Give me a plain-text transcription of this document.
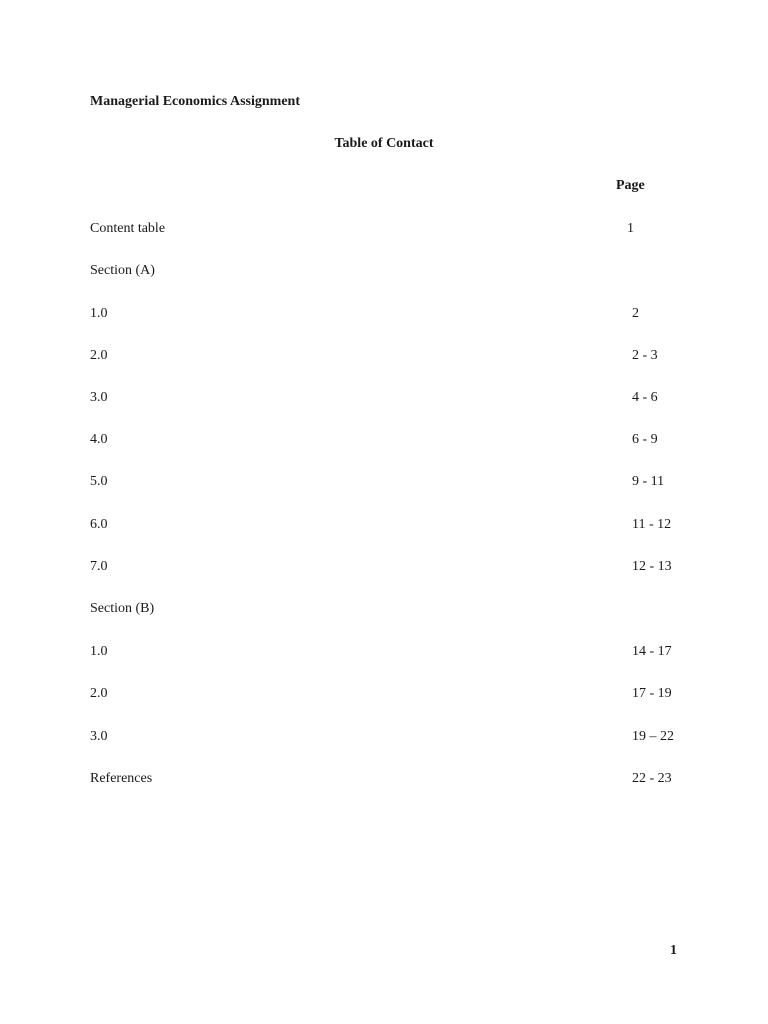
Managerial Economics Assignment
Table of Contact
Page
Content table	1
Section (A)
1.0	2
2.0	2 - 3
3.0	4 - 6
4.0	6 - 9
5.0	9 - 11
6.0	11 - 12
7.0	12 - 13
Section (B)
1.0	14 - 17
2.0	17 - 19
3.0	19 – 22
References	22 - 23
1
